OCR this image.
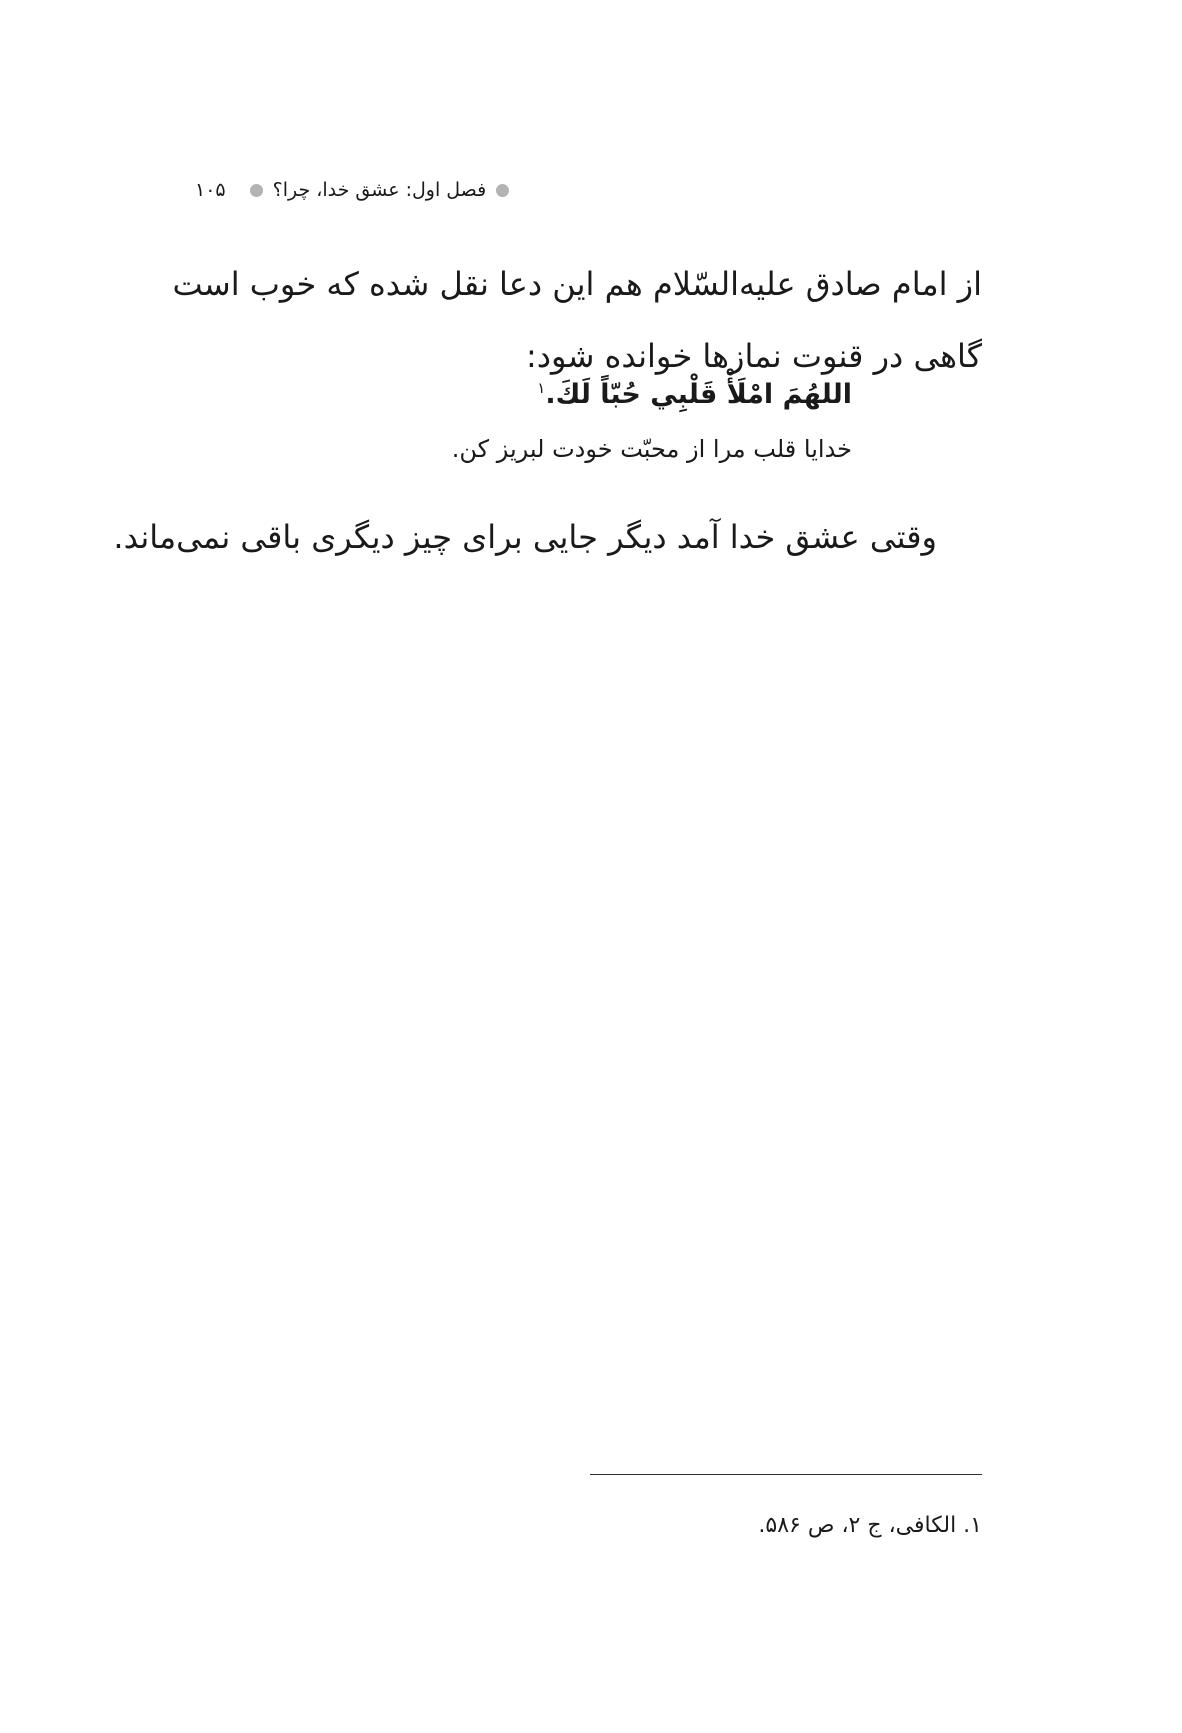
۱۰۵ فصل اول: عشق خدا، چرا؟
از امام صادق علیه‌السّلام هم این دعا نقل شده که خوب است
گاهی در قنوت نمازها خوانده شود:
اللهُمَ امْلَأْ قَلْبِي حُبّاً لَكَ.$^۱$
خدایا قلب مرا از محبّت خودت لبریز کن.
وقتی عشق خدا آمد دیگر جایی برای چیز دیگری باقی نمی‌ماند.
۱. الکافی، ج ۲، ص ۵۸۶.
